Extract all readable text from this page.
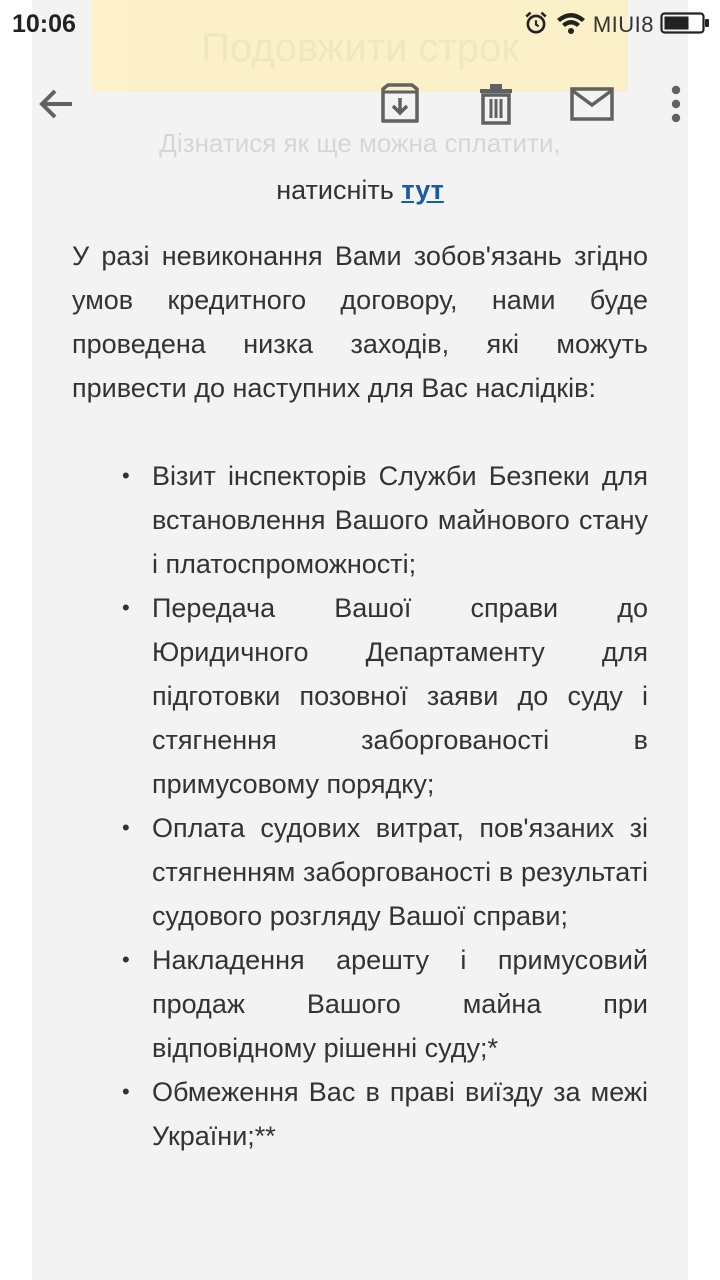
Подовжити строк
Дізнатися як ще можна сплатити,
10:06	MIUI8
натисніть тут

У разі невиконання Вами зобов'язань згідно умов кредитного договору, нами буде проведена низка заходів, які можуть привести до наступних для Вас наслідків:

• Візит інспекторів Служби Безпеки для встановлення Вашого майнового стану і платоспроможності;
• Передача Вашої справи до Юридичного Департаменту для підготовки позовної заяви до суду і стягнення заборгованості в примусовому порядку;
• Оплата судових витрат, пов'язаних зі стягненням заборгованості в результаті судового розгляду Вашої справи;
• Накладення арешту і примусовий продаж Вашого майна при відповідному рішенні суду;*
• Обмеження Вас в праві виїзду за межі України;**
